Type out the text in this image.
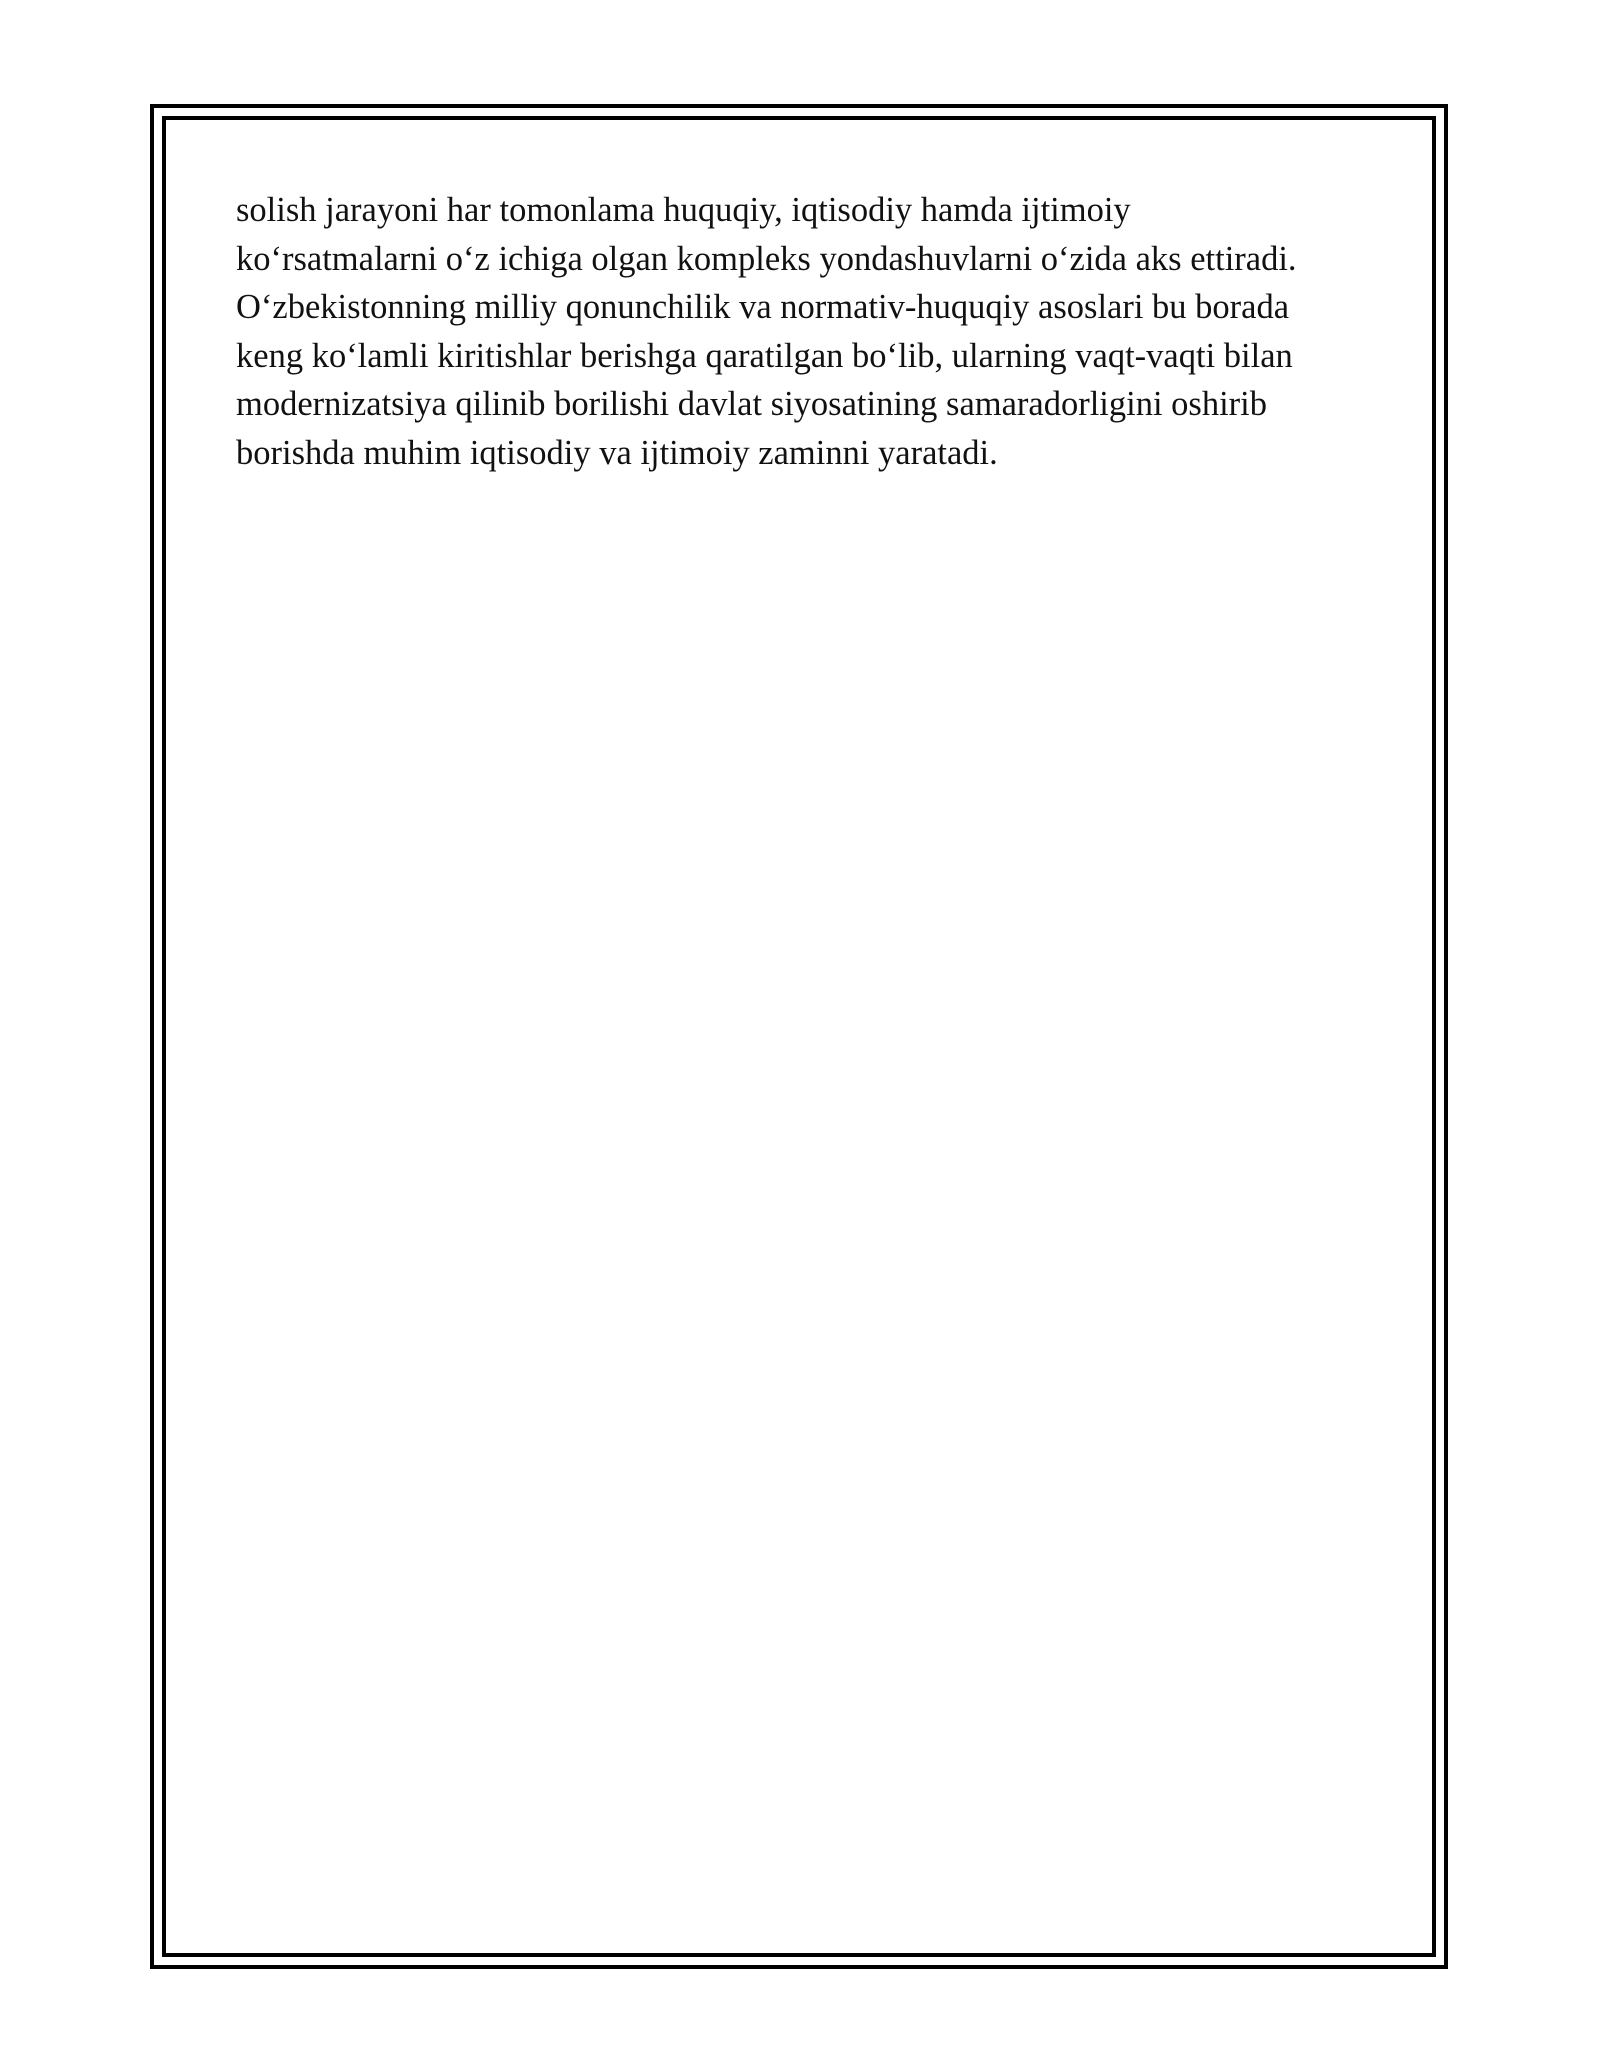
solish jarayoni har tomonlama huquqiy, iqtisodiy hamda ijtimoiy
ko‘rsatmalarni o‘z ichiga olgan kompleks yondashuvlarni o‘zida aks ettiradi.
O‘zbekistonning milliy qonunchilik va normativ-huquqiy asoslari bu borada
keng ko‘lamli kiritishlar berishga qaratilgan bo‘lib, ularning vaqt-vaqti bilan
modernizatsiya qilinib borilishi davlat siyosatining samaradorligini oshirib
borishda muhim iqtisodiy va ijtimoiy zaminni yaratadi.
